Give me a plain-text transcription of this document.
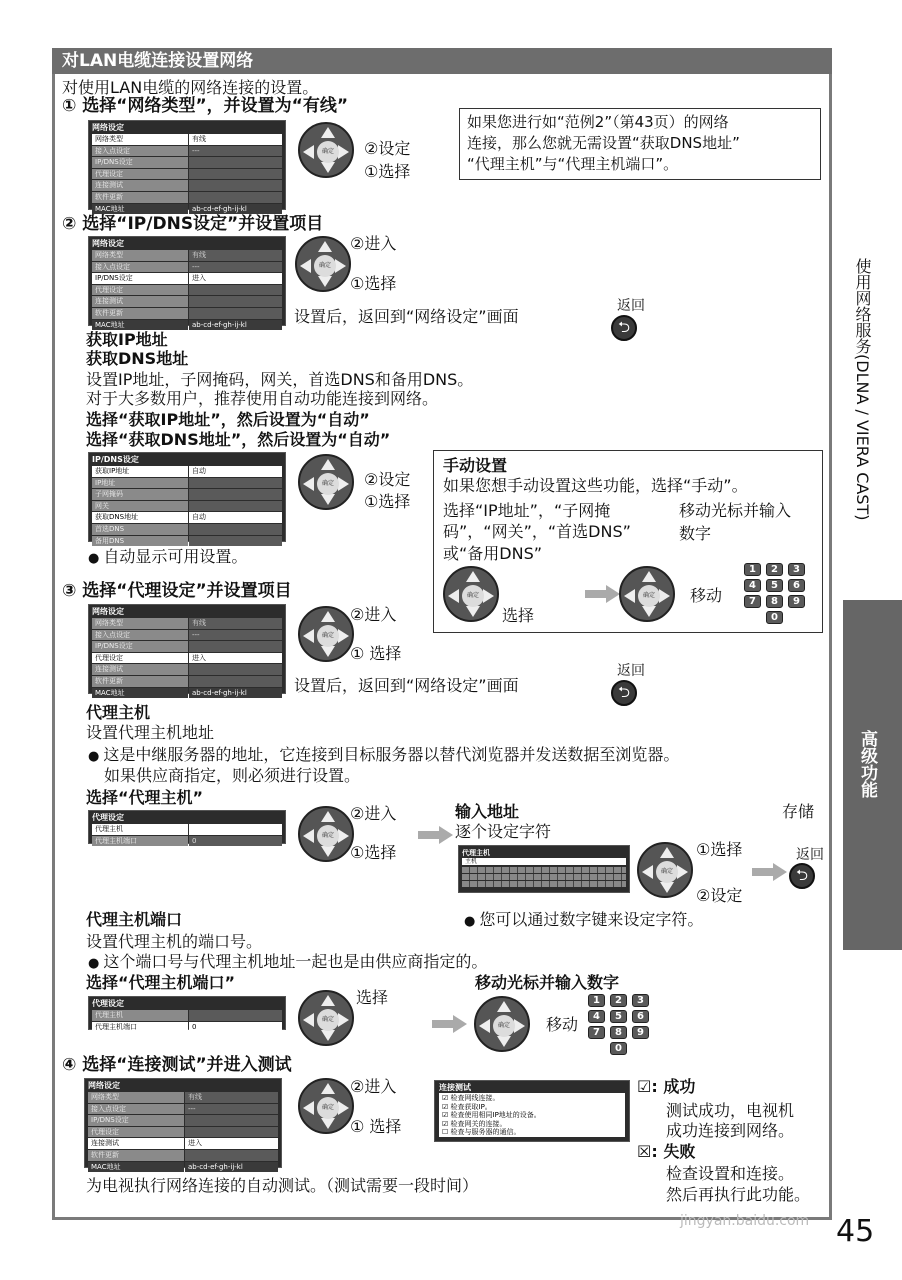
对LAN电缆连接设置网络
对使用LAN电缆的网络连接的设置。
① 选择“网络类型”，并设置为“有线”
网络设定
网络类型	有线
接入点设定	---
IP/DNS设定
代理设定
连接测试
软件更新
MAC地址	ab-cd-ef-gh-ij-kl
确定	②设定
①选择
如果您进行如“范例2”（第43页）的网络
连接，那么您就无需设置“获取DNS地址”
“代理主机”与“代理主机端口”。
② 选择“IP/DNS设定”并设置项目
网络设定
网络类型	有线
接入点设定	---
IP/DNS设定	进入
代理设定
连接测试
软件更新
MAC地址	ab-cd-ef-gh-ij-kl
确定
②进入
①选择
设置后，返回到“网络设定”画面
返回
⮌
获取IP地址
获取DNS地址
设置IP地址，子网掩码，网关，首选DNS和备用DNS。
对于大多数用户，推荐使用自动功能连接到网络。
选择“获取IP地址”，然后设置为“自动”
选择“获取DNS地址”，然后设置为“自动”
IP/DNS设定
获取IP地址	自动
IP地址
子网掩码
网关
获取DNS地址	自动
首选DNS
备用DNS
确定	②设定
①选择
● 自动显示可用设置。
手动设置
如果您想手动设置这些功能，选择“手动”。
选择“IP地址”，“子网掩
码”，“网关”，“首选DNS”
或“备用DNS”
移动光标并输入
数字
确定
选择
确定	移动
1	2	3
4	5	6
7	8	9
0
③ 选择“代理设定”并设置项目
网络设定
网络类型	有线
接入点设定	---
IP/DNS设定
代理设定	进入
连接测试
软件更新
MAC地址	ab-cd-ef-gh-ij-kl
确定
②进入
① 选择
设置后，返回到“网络设定”画面
返回
⮌
代理主机
设置代理主机地址
● 这是中继服务器的地址，它连接到目标服务器以替代浏览器并发送数据至浏览器。
如果供应商指定，则必须进行设置。
选择“代理主机”
代理设定
代理主机
代理主机端口	0
确定
②进入
①选择
输入地址
逐个设定字符
存储
代理主机
主机
确定
①选择
②设定
返回
⮌
● 您可以通过数字键来设定字符。
代理主机端口
设置代理主机的端口号。
● 这个端口号与代理主机地址一起也是由供应商指定的。
选择“代理主机端口”
代理设定
代理主机
代理主机端口	0
确定
选择
移动光标并输入数字
确定	移动
1	2	3
4	5	6
7	8	9
0
④ 选择“连接测试”并进入测试
网络设定
网络类型	有线
接入点设定	---
IP/DNS设定
代理设定
连接测试	进入
软件更新
MAC地址	ab-cd-ef-gh-ij-kl
确定
②进入
① 选择
连接测试
☑ 检查网线连接。
☑ 检查获取IP。
☑ 检查使用相同IP地址的设备。
☑ 检查网关的连接。
☐ 检查与服务器的通信。
☑: 成功
测试成功，电视机
成功连接到网络。
☒: 失败
检查设置和连接。
然后再执行此功能。
为电视执行网络连接的自动测试。（测试需要一段时间）
使用网络服务(DLNA / VIERA CAST)
高级功能
45
jingyan.baidu.com
